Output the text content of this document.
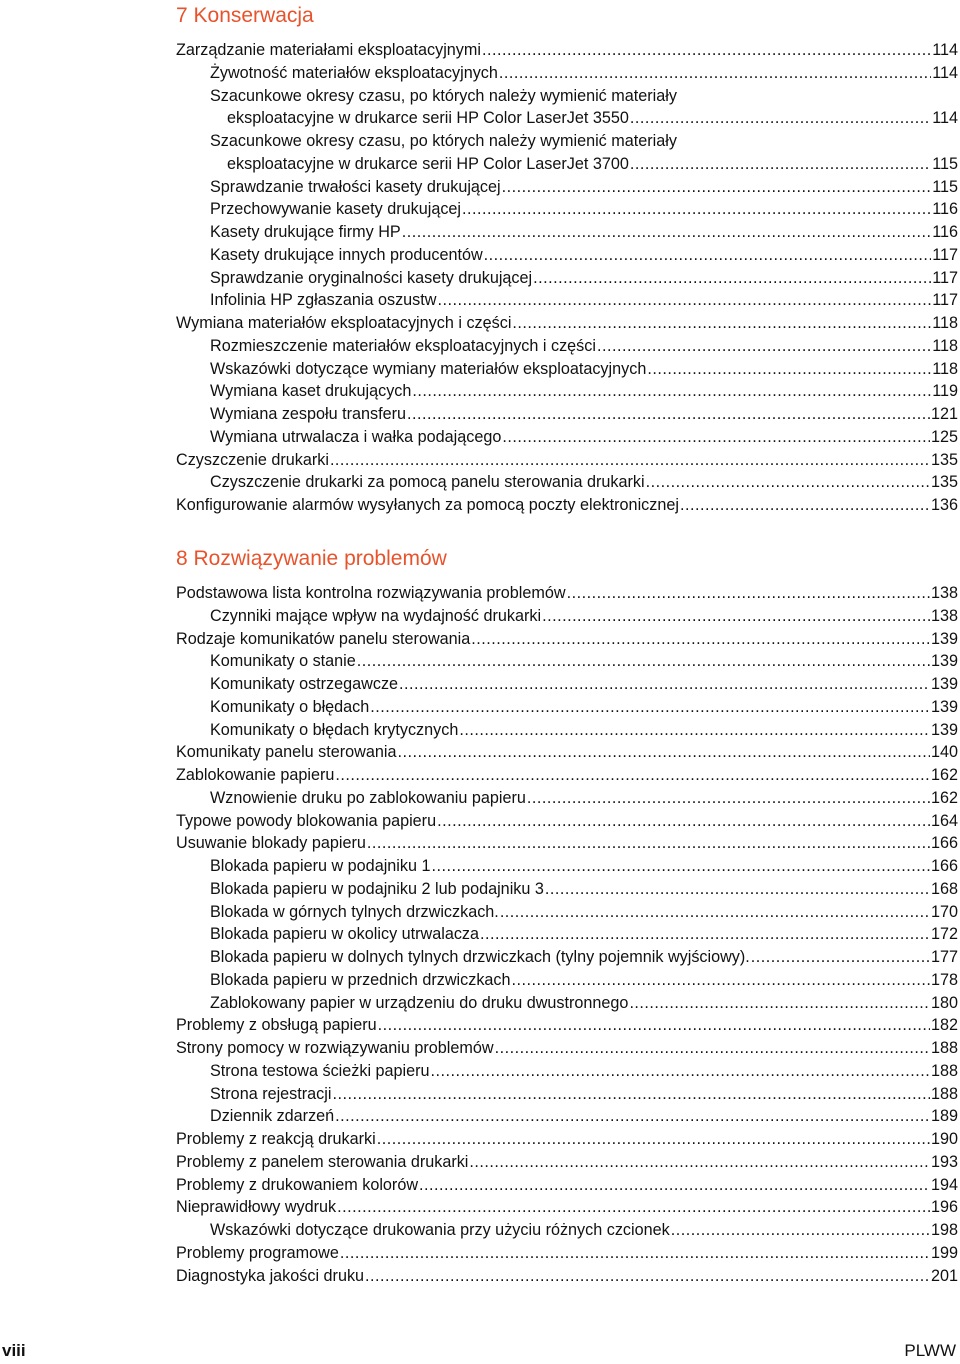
7 Konserwacja
Zarządzanie materiałami eksploatacyjnymi .....	114
Żywotność materiałów eksploatacyjnych .....	114
Szacunkowe okresy czasu, po których należy wymienić materiały
eksploatacyjne w drukarce serii HP Color LaserJet 3550 .....	114
Szacunkowe okresy czasu, po których należy wymienić materiały
eksploatacyjne w drukarce serii HP Color LaserJet 3700 .....	115
Sprawdzanie trwałości kasety drukującej .....	115
Przechowywanie kasety drukującej .....	116
Kasety drukujące firmy HP .....	116
Kasety drukujące innych producentów .....	117
Sprawdzanie oryginalności kasety drukującej .....	117
Infolinia HP zgłaszania oszustw .....	117
Wymiana materiałów eksploatacyjnych i części .....	118
Rozmieszczenie materiałów eksploatacyjnych i części .....	118
Wskazówki dotyczące wymiany materiałów eksploatacyjnych .....	118
Wymiana kaset drukujących .....	119
Wymiana zespołu transferu .....	121
Wymiana utrwalacza i wałka podającego .....	125
Czyszczenie drukarki .....	135
Czyszczenie drukarki za pomocą panelu sterowania drukarki .....	135
Konfigurowanie alarmów wysyłanych za pomocą poczty elektronicznej .....	136
8 Rozwiązywanie problemów
Podstawowa lista kontrolna rozwiązywania problemów .....	138
Czynniki mające wpływ na wydajność drukarki .....	138
Rodzaje komunikatów panelu sterowania .....	139
Komunikaty o stanie .....	139
Komunikaty ostrzegawcze .....	139
Komunikaty o błędach .....	139
Komunikaty o błędach krytycznych .....	139
Komunikaty panelu sterowania .....	140
Zablokowanie papieru .....	162
Wznowienie druku po zablokowaniu papieru .....	162
Typowe powody blokowania papieru .....	164
Usuwanie blokady papieru .....	166
Blokada papieru w podajniku 1 .....	166
Blokada papieru w podajniku 2 lub podajniku 3 .....	168
Blokada w górnych tylnych drzwiczkach. .....	170
Blokada papieru w okolicy utrwalacza .....	172
Blokada papieru w dolnych tylnych drzwiczkach (tylny pojemnik wyjściowy). .....	177
Blokada papieru w przednich drzwiczkach .....	178
Zablokowany papier w urządzeniu do druku dwustronnego .....	180
Problemy z obsługą papieru .....	182
Strony pomocy w rozwiązywaniu problemów .....	188
Strona testowa ścieżki papieru .....	188
Strona rejestracji .....	188
Dziennik zdarzeń .....	189
Problemy z reakcją drukarki .....	190
Problemy z panelem sterowania drukarki .....	193
Problemy z drukowaniem kolorów .....	194
Nieprawidłowy wydruk .....	196
Wskazówki dotyczące drukowania przy użyciu różnych czcionek .....	198
Problemy programowe .....	199
Diagnostyka jakości druku .....	201
viii	PLWW
